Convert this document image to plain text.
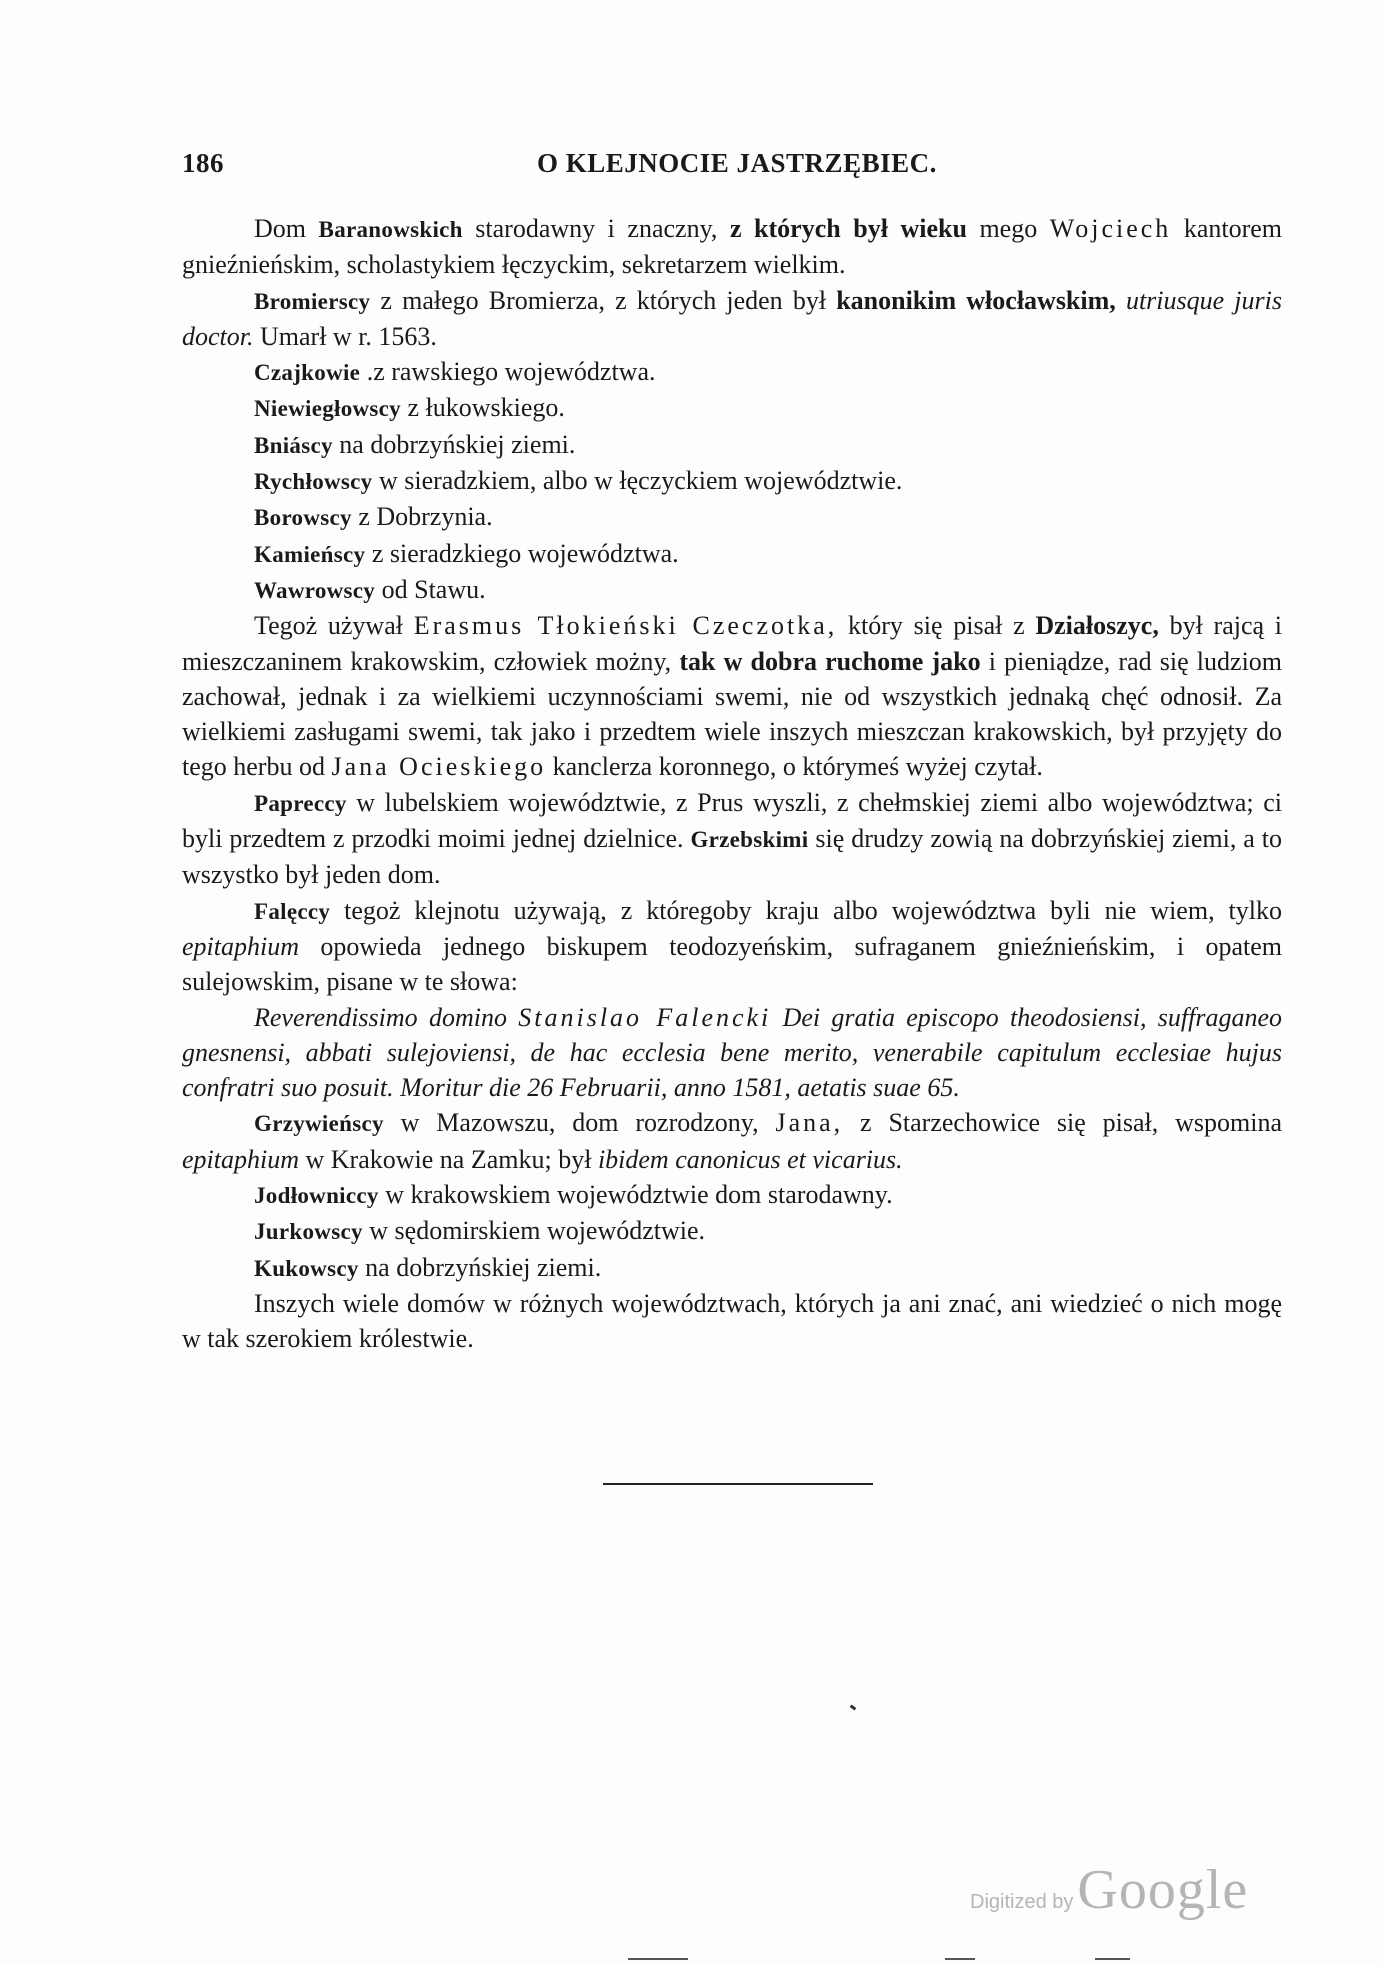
186	O KLEJNOCIE JASTRZĘBIEC.

Dom Baranowskich starodawny i znaczny, z których był wieku mego Wojciech kantorem gnieźnieńskim, scholastykiem łęczyckim, sekretarzem wielkim.

Bromierscy z małego Bromierza, z których jeden był kanonikim włocławskim, utriusque juris doctor. Umarł w r. 1563.

Czajkowie .z rawskiego województwa.

Niewiegłowscy z łukowskiego.

Bniáscy na dobrzyńskiej ziemi.

Rychłowscy w sieradzkiem, albo w łęczyckiem województwie.

Borowscy z Dobrzynia.

Kamieńscy z sieradzkiego województwa.

Wawrowscy od Stawu.

Tegoż używał Erasmus Tłokieński Czeczotka, który się pisał z Działoszyc, był rajcą i mieszczaninem krakowskim, człowiek możny, tak w dobra ruchome jako i pieniądze, rad się ludziom zachował, jednak i za wielkiemi uczynnościami swemi, nie od wszystkich jednaką chęć odnosił. Za wielkiemi zasługami swemi, tak jako i przedtem wiele inszych mieszczan krakowskich, był przyjęty do tego herbu od Jana Ocieskiego kanclerza koronnego, o którymeś wyżej czytał.

Papreccy w lubelskiem województwie, z Prus wyszli, z chełmskiej ziemi albo województwa; ci byli przedtem z przodki moimi jednej dzielnice. Grzebskimi się drudzy zowią na dobrzyńskiej ziemi, a to wszystko był jeden dom.

Falęccy tegoż klejnotu używają, z któregoby kraju albo województwa byli nie wiem, tylko epitaphium opowieda jednego biskupem teodozyeńskim, sufraganem gnieźnieńskim, i opatem sulejowskim, pisane w te słowa:

Reverendissimo domino Stanislao Falencki Dei gratia episcopo theodosiensi, suffraganeo gnesnensi, abbati sulejoviensi, de hac ecclesia bene merito, venerabile capitulum ecclesiae hujus confratri suo posuit. Moritur die 26 Februarii, anno 1581, aetatis suae 65.

Grzywieńscy w Mazowszu, dom rozrodzony, Jana, z Starzechowice się pisał, wspomina epitaphium w Krakowie na Zamku; był ibidem canonicus et vicarius.

Jodłowniccy w krakowskiem województwie dom starodawny.

Jurkowscy w sędomirskiem województwie.

Kukowscy na dobrzyńskiej ziemi.

Inszych wiele domów w różnych województwach, których ja ani znać, ani wiedzieć o nich mogę w tak szerokiem królestwie.

Digitized by Google
